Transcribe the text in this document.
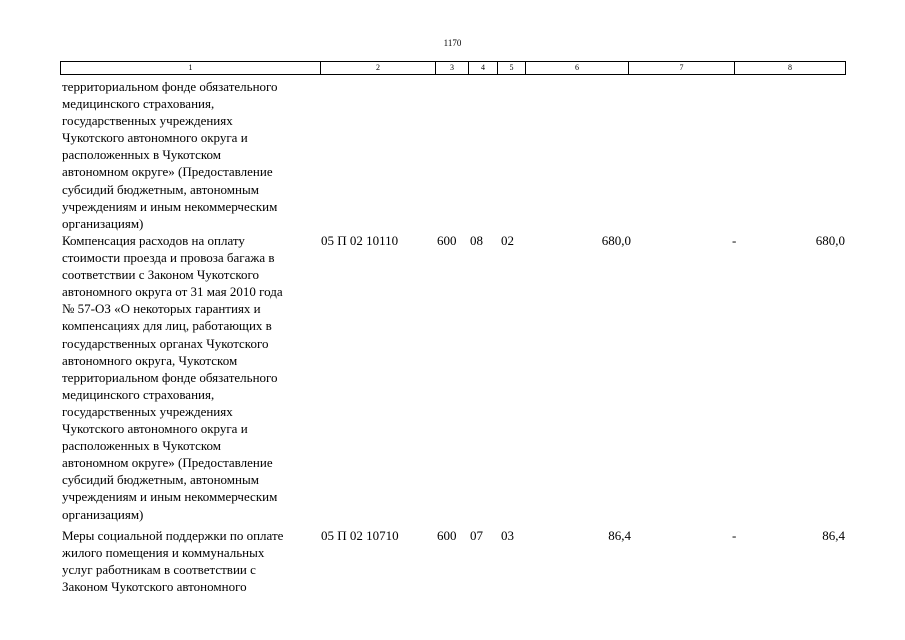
1170
1	2	3	4	5	6	7	8
территориальном фонде обязательного
медицинского страхования,
государственных учреждениях
Чукотского автономного округа и
расположенных в Чукотском
автономном округе» (Предоставление
субсидий бюджетным, автономным
учреждениям и иным некоммерческим
организациям)
Компенсация расходов на оплату
стоимости проезда и провоза багажа в
соответствии с Законом Чукотского
автономного округа от 31 мая 2010 года
№ 57-ОЗ «О некоторых гарантиях и
компенсациях для лиц, работающих в
государственных органах Чукотского
автономного округа, Чукотском
территориальном фонде обязательного
медицинского страхования,
государственных учреждениях
Чукотского автономного округа и
расположенных в Чукотском
автономном округе» (Предоставление
субсидий бюджетным, автономным
учреждениям и иным некоммерческим
организациям)
05 П 02 10110	600 08 02	680,0	-	680,0
Меры социальной поддержки по оплате
жилого помещения и коммунальных
услуг работникам в соответствии с
Законом Чукотского автономного
05 П 02 10710	600 07 03	86,4	-	86,4
